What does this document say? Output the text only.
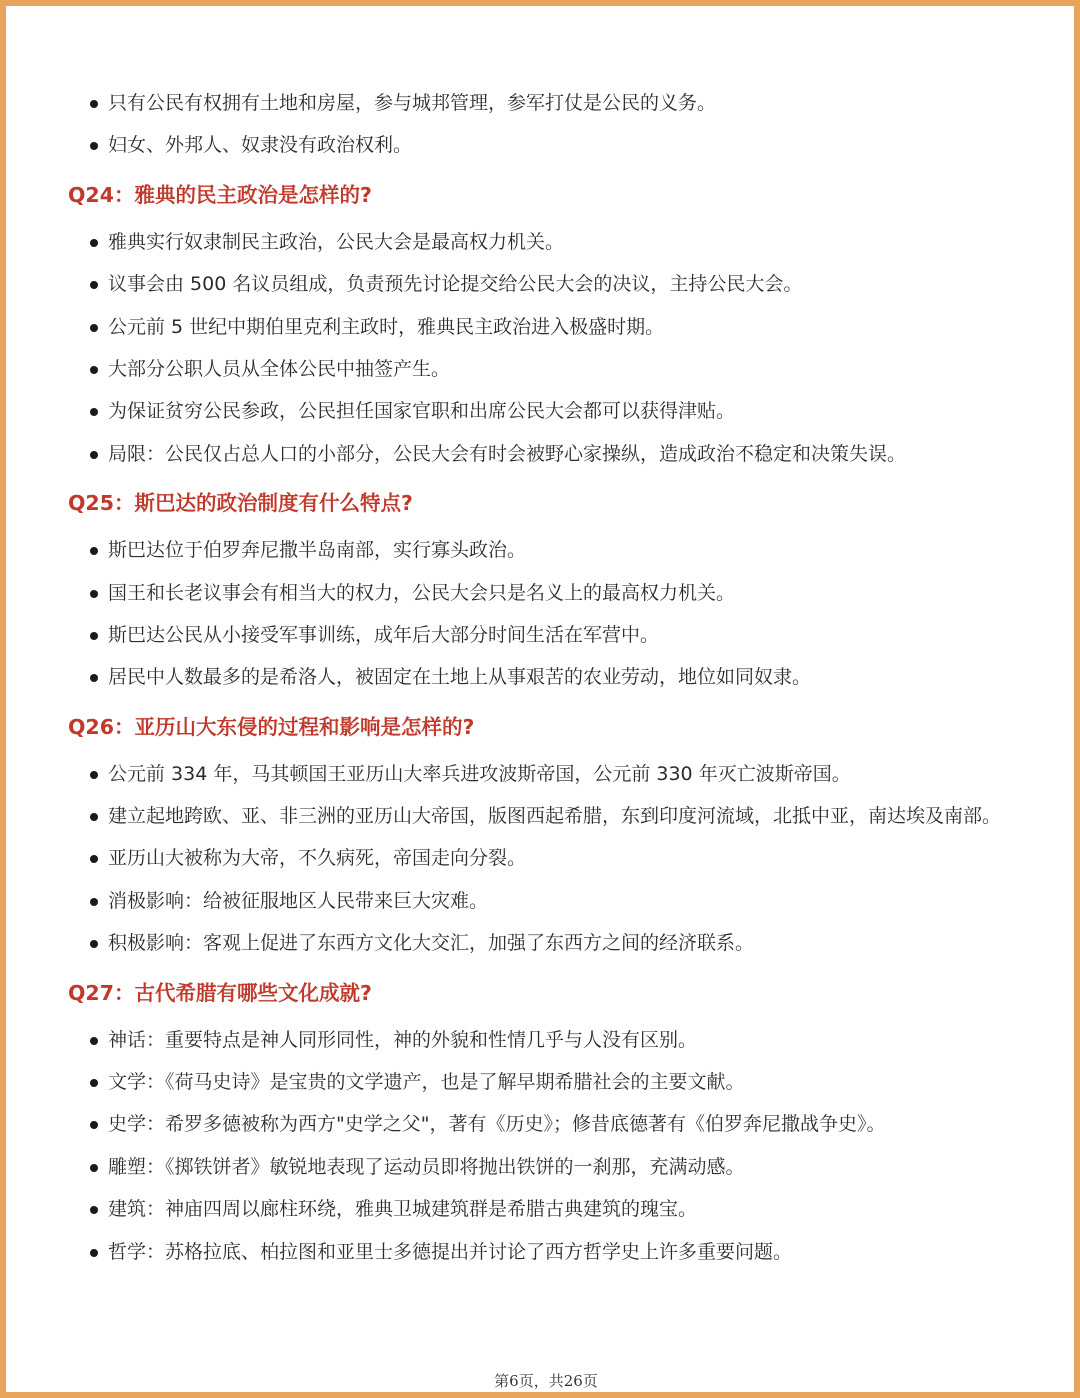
只有公民有权拥有土地和房屋，参与城邦管理，参军打仗是公民的义务。
妇女、外邦人、奴隶没有政治权利。
Q24：雅典的民主政治是怎样的?
雅典实行奴隶制民主政治，公民大会是最高权力机关。
议事会由 500 名议员组成，负责预先讨论提交给公民大会的决议，主持公民大会。
公元前 5 世纪中期伯里克利主政时，雅典民主政治进入极盛时期。
大部分公职人员从全体公民中抽签产生。
为保证贫穷公民参政，公民担任国家官职和出席公民大会都可以获得津贴。
局限：公民仅占总人口的小部分，公民大会有时会被野心家操纵，造成政治不稳定和决策失误。
Q25：斯巴达的政治制度有什么特点?
斯巴达位于伯罗奔尼撒半岛南部，实行寡头政治。
国王和长老议事会有相当大的权力，公民大会只是名义上的最高权力机关。
斯巴达公民从小接受军事训练，成年后大部分时间生活在军营中。
居民中人数最多的是希洛人，被固定在土地上从事艰苦的农业劳动，地位如同奴隶。
Q26：亚历山大东侵的过程和影响是怎样的?
公元前 334 年，马其顿国王亚历山大率兵进攻波斯帝国，公元前 330 年灭亡波斯帝国。
建立起地跨欧、亚、非三洲的亚历山大帝国，版图西起希腊，东到印度河流域，北抵中亚，南达埃及南部。
亚历山大被称为大帝，不久病死，帝国走向分裂。
消极影响：给被征服地区人民带来巨大灾难。
积极影响：客观上促进了东西方文化大交汇，加强了东西方之间的经济联系。
Q27：古代希腊有哪些文化成就?
神话：重要特点是神人同形同性，神的外貌和性情几乎与人没有区别。
文学：《荷马史诗》是宝贵的文学遗产，也是了解早期希腊社会的主要文献。
史学：希罗多德被称为西方"史学之父"，著有《历史》；修昔底德著有《伯罗奔尼撒战争史》。
雕塑：《掷铁饼者》敏锐地表现了运动员即将抛出铁饼的一刹那，充满动感。
建筑：神庙四周以廊柱环绕，雅典卫城建筑群是希腊古典建筑的瑰宝。
哲学：苏格拉底、柏拉图和亚里士多德提出并讨论了西方哲学史上许多重要问题。
第6页，共26页
